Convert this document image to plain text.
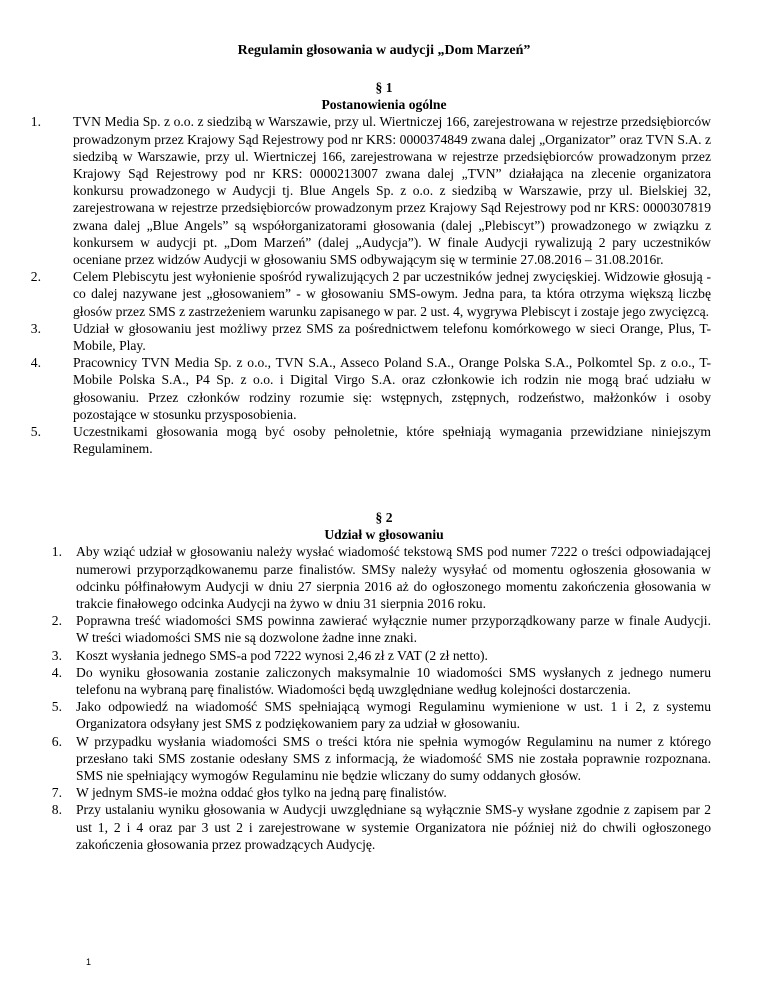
Regulamin głosowania w audycji „Dom Marzeń”
§ 1
Postanowienia ogólne
1. TVN Media Sp. z o.o. z siedzibą w Warszawie, przy ul. Wiertniczej 166, zarejestrowana w rejestrze przedsiębiorców prowadzonym przez Krajowy Sąd Rejestrowy pod nr KRS: 0000374849 zwana dalej „Organizator” oraz TVN S.A. z siedzibą w Warszawie, przy ul. Wiertniczej 166, zarejestrowana w rejestrze przedsiębiorców prowadzonym przez Krajowy Sąd Rejestrowy pod nr KRS: 0000213007 zwana dalej „TVN” działająca na zlecenie organizatora konkursu prowadzonego w Audycji tj. Blue Angels Sp. z o.o. z siedzibą w Warszawie, przy ul. Bielskiej 32, zarejestrowana w rejestrze przedsiębiorców prowadzonym przez Krajowy Sąd Rejestrowy pod nr KRS: 0000307819 zwana dalej „Blue Angels” są współorganizatorami głosowania (dalej „Plebiscyt”) prowadzonego w związku z konkursem w audycji pt. „Dom Marzeń” (dalej „Audycja”). W finale Audycji rywalizują 2 pary uczestników oceniane przez widzów Audycji w głosowaniu SMS odbywającym się w terminie 27.08.2016 – 31.08.2016r.
2. Celem Plebiscytu jest wyłonienie spośród rywalizujących 2 par uczestników jednej zwycięskiej. Widzowie głosują - co dalej nazywane jest „głosowaniem” - w głosowaniu SMS-owym. Jedna para, ta która otrzyma większą liczbę głosów przez SMS z zastrzeżeniem warunku zapisanego w par. 2 ust. 4, wygrywa Plebiscyt i zostaje jego zwycięzcą.
3. Udział w głosowaniu jest możliwy przez SMS za pośrednictwem telefonu komórkowego w sieci Orange, Plus, T-Mobile, Play.
4. Pracownicy TVN Media Sp. z o.o., TVN S.A., Asseco Poland S.A., Orange Polska S.A., Polkomtel Sp. z o.o., T-Mobile Polska S.A., P4 Sp. z o.o. i Digital Virgo S.A. oraz członkowie ich rodzin nie mogą brać udziału w głosowaniu. Przez członków rodziny rozumie się: wstępnych, zstępnych, rodzeństwo, małżonków i osoby pozostające w stosunku przysposobienia.
5. Uczestnikami głosowania mogą być osoby pełnoletnie, które spełniają wymagania przewidziane niniejszym Regulaminem.
§ 2
Udział w głosowaniu
1. Aby wziąć udział w głosowaniu należy wysłać wiadomość tekstową SMS pod numer 7222 o treści odpowiadającej numerowi przyporządkowanemu parze finalistów. SMSy należy wysyłać od momentu ogłoszenia głosowania w odcinku półfinałowym Audycji w dniu 27 sierpnia 2016 aż do ogłoszonego momentu zakończenia głosowania w trakcie finałowego odcinka Audycji na żywo w dniu 31 sierpnia 2016 roku.
2. Poprawna treść wiadomości SMS powinna zawierać wyłącznie numer przyporządkowany parze w finale Audycji. W treści wiadomości SMS nie są dozwolone żadne inne znaki.
3. Koszt wysłania jednego SMS-a pod 7222 wynosi 2,46 zł z VAT (2 zł netto).
4. Do wyniku głosowania zostanie zaliczonych maksymalnie 10 wiadomości SMS wysłanych z jednego numeru telefonu na wybraną parę finalistów. Wiadomości będą uwzględniane według kolejności dostarczenia.
5. Jako odpowiedź na wiadomość SMS spełniającą wymogi Regulaminu wymienione w ust. 1 i 2, z systemu Organizatora odsyłany jest SMS z podziękowaniem pary za udział w głosowaniu.
6. W przypadku wysłania wiadomości SMS o treści która nie spełnia wymogów Regulaminu na numer z którego przesłano taki SMS zostanie odesłany SMS z informacją, że wiadomość SMS nie została poprawnie rozpoznana. SMS nie spełniający wymogów Regulaminu nie będzie wliczany do sumy oddanych głosów.
7. W jednym SMS-ie można oddać głos tylko na jedną parę finalistów.
8. Przy ustalaniu wyniku głosowania w Audycji uwzględniane są wyłącznie SMS-y wysłane zgodnie z zapisem par 2 ust 1, 2 i 4 oraz par 3 ust 2 i zarejestrowane w systemie Organizatora nie później niż do chwili ogłoszonego zakończenia głosowania przez prowadzących Audycję.
1
